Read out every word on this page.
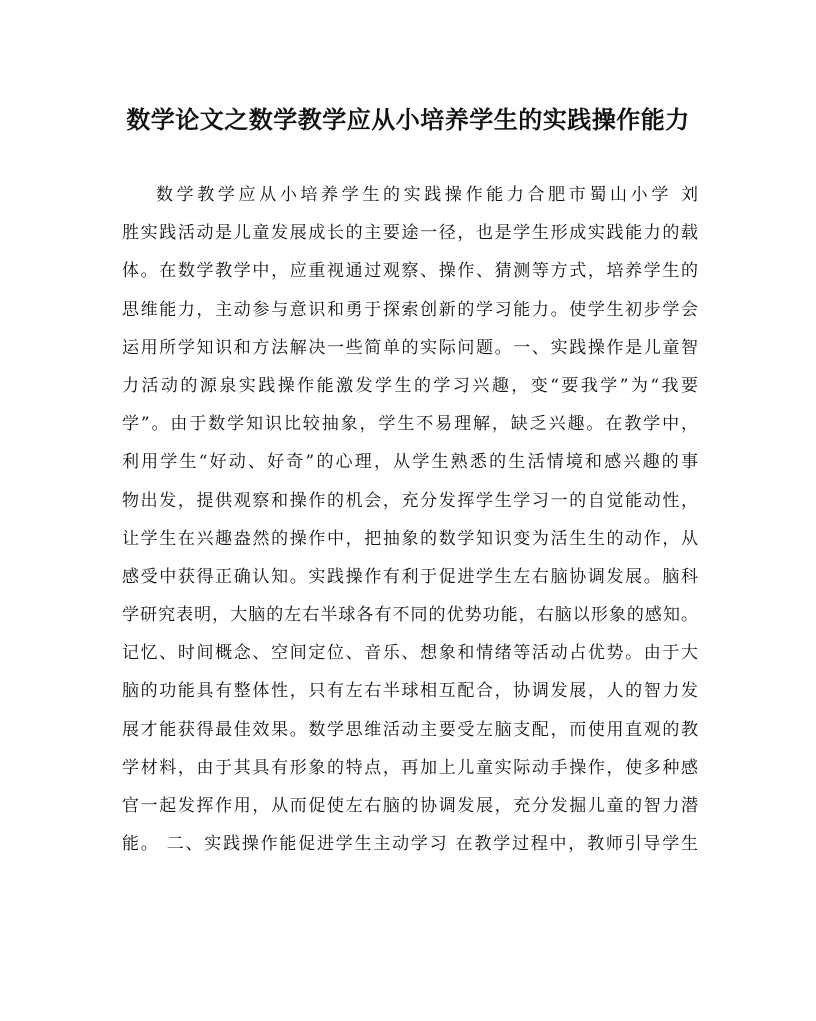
数学论文之数学教学应从小培养学生的实践操作能力
数学教学应从小培养学生的实践操作能力合肥市蜀山小学 刘
胜实践活动是儿童发展成长的主要途一径，也是学生形成实践能力的载
体。在数学教学中，应重视通过观察、操作、猜测等方式，培养学生的
思维能力，主动参与意识和勇于探索创新的学习能力。使学生初步学会
运用所学知识和方法解决一些简单的实际问题。一、实践操作是儿童智
力活动的源泉实践操作能激发学生的学习兴趣，变“要我学”为“我要
学”。由于数学知识比较抽象，学生不易理解，缺乏兴趣。在教学中，
利用学生“好动、好奇”的心理，从学生熟悉的生活情境和感兴趣的事
物出发，提供观察和操作的机会，充分发挥学生学习一的自觉能动性，
让学生在兴趣盎然的操作中，把抽象的数学知识变为活生生的动作，从
感受中获得正确认知。实践操作有利于促进学生左右脑协调发展。脑科
学研究表明，大脑的左右半球各有不同的优势功能，右脑以形象的感知。
记忆、时间概念、空间定位、音乐、想象和情绪等活动占优势。由于大
脑的功能具有整体性，只有左右半球相互配合，协调发展，人的智力发
展才能获得最佳效果。数学思维活动主要受左脑支配，而使用直观的教
学材料，由于其具有形象的特点，再加上儿童实际动手操作，使多种感
官一起发挥作用，从而促使左右脑的协调发展，充分发掘儿童的智力潜
能。 二、实践操作能促进学生主动学习 在教学过程中，教师引导学生
